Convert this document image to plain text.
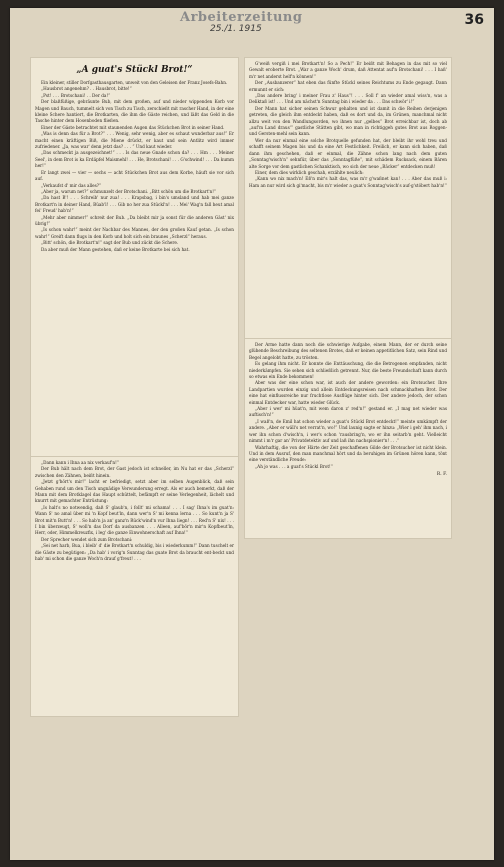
Arbeiterzeitung
25./1. 1915
36
„A guat's Stückl Brot!“

Ein kleiner, stiller Dorfgasthausgarten, unweit von den Geleisen der Franz Josefs-Bahn.

„Hausbrot angenehm? . . Hausbrot, bitte!“

„Pst! . . . Brotschani! . . Der da!“

Der blaßfüßige, gebräunte Bub, mit dem großen, auf und nieder wippenden Korb vor Magen und Bauch, tummelt sich von Tisch zu Tisch, zerschießt mit rascher Hand, in der eine kleine Schere hantiert, die Brotkarten, die ihm die Gäste reichen, und läßt das Geld in die Tasche hinter dem Hosenboden fließen.

Einer der Gäste betrachtet mit staunenden Augen das Stückchen Brot in seiner Hand.

„Was is denn das für a Brot?“ . . . Wenig, sehr wenig, aber es schaut wunderbar aus!“ Er macht einen kräftigen Biß, die Miene drückt, er kaut und sein Antlitz wird immer zufriedener. „Ja, was war' denn jetzt das? . . . “ Und kaut wieder.

„Das schmeckt ja ausgezeichnet!“ . . . Is das neue Gnade schon da? . . . Hm . . . Meiner Seel', in dem Brot is ka Erdäpfel Maismehl! . . . He, Brotschani! . . . G'schwind! . . . Da kumm her!“

Er langt zwei — vier — sechs — acht Stückchen Brot aus dem Korbe, häuft sie vor sich auf.

„Verkaufst d' mir das alles?“

„Aber ja, warum net?“ schmunzelt der Brotschani. „Bitt schön um die Brotkart'n!“

„Da hast B'! . . . Schreib' nur zua! . . . Krapsbag, i bin's umsland und hab mei ganze Brotkart'n in deiner Hand, Büab'l! . . . Gib no her zua Stückl'n! . . . Mei' Wag'n fall heut amal fei' Freud' hab'n!“

„Mehr aber nimmer!“ schreit der Bub. „Da bleibt mir ja sonst für die anderen Gäst' nix übrig!“

„Is schon wahr!“ meint der Nachbar des Mannes, der den großen Kauf getan. „Is schon wahr!“ Greift dann flugs in den Korb und holt sich ein braunes „Scherzl“ heraus.

„Bitt' schön, die Brotkart'n!“ sagt der Bub und zückt die Schere.

Da aber muß der Mann gestehen, daß er keine Brotkarte bei sich hat.

„Dann kann i Ihna aa nix verkauf'n!“

Der Bub hält nach dem Brot, der Gast jedoch ist schneller, im Nu hat er das „Scherzl“ zwischen den Zähnen, beißt hinein.

„Jetzt g'hört's mir!“ lacht er befriedigt, setzt aber im selben Augenblick, daß sein Gehaben rund um den Tisch ungnädige Verwunderung erregt. Als er auch bemerkt, daß der Mann mit dem Brotklagel das Haupt schüttelt, befämpft er seine Verlegenheit, lächelt und knurrt mit gemachter Entrüstung:

„Is halt's no notwendig, daß S' glaub'n, i follt' mi schama! . . . I sag' Ihna's im guat'n: Wann S' no amal über mi 'n Kopf beut'ln, dann wer'n S' mi kenna lerna . . . So kunt'n ja S' Brot mit'n Butt'n! . . . So hab'n ja an' ganz'n Rück'wind'n vur Ihna liegn! . . . Red'n S' nix! . . . I bin überzeugt, S' woll'n das Dorf da ausbanzen . . . Alleen, auf'bör'n mir'n Kopfbeut'ln, Herr, oder, Himmelkreuzfix, i leg' die ganze Einwohnerschaft auf Ihna!“

Der Sprecher wendet sich zum Brotschani:

„Sei net harb, Bua, i bleib' d' die Brotkart'n schuldig, bis i wiederkumm!“ Dann tuschelt er die Gäste zu begütigen: „Da hab' i vorig'n Sunntag das guate Brot da braucht ent-beckt und hab' mi schon die ganze Woch'n drauf g'freut! . . .

G'weiß vergiß i mei Brotkart'n! So a Pech!“ Er beißt mit Behagen in das mit so viel Gewalt eroberte Brot. „War a ganze Woch' drum, daß Attentat auf'n Brotschani! . . . I haß' m'r net anderst helf'n können!“

Der „Ausbanzerer“ hat eben das fünfte Stückl seines Reichtums zu Ende gegaugt. Dann ermunnt er sich:

„Das andere bring' i meiner Frau z' Haus“! . . . Soll f' an wieder amal wiss'n, was a Deliktaß ist! . . . Und am nächst'n Sunntag bin i wieder da . . . Das schwör' i!“

Der Mann hat sicher seinen Schwur gehalten und ist damit in die Reihen derjenigen getreten, die gleich ihm entdeckt haben, daß es dort und da, im Grünen, manchmal nicht allzu weit von den Wandlungsorden, wo ihnen nur „gelbes“ Brot erreichbar ist, doch ab „auf'm Land draus'“ gastliche Stätten gibt, wo man in richtiggeh gutes Brot aus Roggen- und Gersten-mehl sein kann.

Wer da nur einmal eine solche Brotquelle gefunden hat, der bleibt ihr wohl treu und schafft seinem Magen bis und da eine Art Festlichkeit. Freilich, er kann sich haben, daß dann ihm geschehen, daß er einmal, die Zähne schon lang nach dem guten „Sonntag'wisch'n“ sehnfür, über das „Sonntagfüße“, mit schädem Rucksack, einem Bären alte Sorge vor dem gastlichen Schanktisch, wo sich der neue „Bäcker“ entdecken muß!

Einer, dem dies wirklich geschah, erzählte neulich:

„Kann wo nix mach'n! Eß'n mir's halt das, was m'r g'waßnet kan! . . . Aber das muß i: Ham an nur wird sich gi'macht, bis m'r wieder a guat's Sonntag'wisch's auf-g'stöbert hab'n!“

Der Arme hatte dann noch die schwierige Aufgabe, einem Mann, der er durch seine glühende Beschreibung des seltenen Brotes, daß er keinen appetitlichen Satz, sein Rind und Begel angelobt hatte, zu trösten.

Es gelang ihm nicht. Er konnte die Enttäuschung, die die Betrogenen empfanden, nicht niederkämpfen. Sie sehen sich schließlich getrennt. Nur, die beste Freundschaft kann durch so etwas ein Ende bekommen!

Aber was der eine schon war, ist auch der andere geworden: ein Brotsucher. Ihre Landpartien wurden einzig und allein Entdeckungsreisen nach schmackhaftem Brot. Der eine hat einflussreiche nur fruchtlose Ausflüge hinter sich. Der andere jedoch, der schon einmal Entdecker war, hatte wieder Glück.

„Aber i wer' mi hüat'n, mit wem daron z' red'n!“ gestand er. „I mag net wieder was auftisch'n!“

„I waß'n, de Emil hat schon wieder a guat's Stückl Brot entdeckt!“ meinte umkämpft der andere. „Aber er wäll's net verrat'n, wo!“ Und launig sagte er hinzu: „Wier i geh' ihm nach, i wer ihn schon d'wisch'n, i wer's schon 'rausbring'n, wo er ihn seitarb'n geht. Vielleicht nimmt i m'r gar an' Privatdetektiv auf und laß ihn nachspionier'n! . . .“

Wahrhaftig, die von der Härte der Zeit geschaffenen Gilde der Brotsucher ist nicht klein. Und in dem Ausruf, den man manchmal hört und da beruhigen im Grünen hören kann, tönt eine verständliche Freude:

„Ah jo was . . . a guat's Stückl Brot!“

R. F.
